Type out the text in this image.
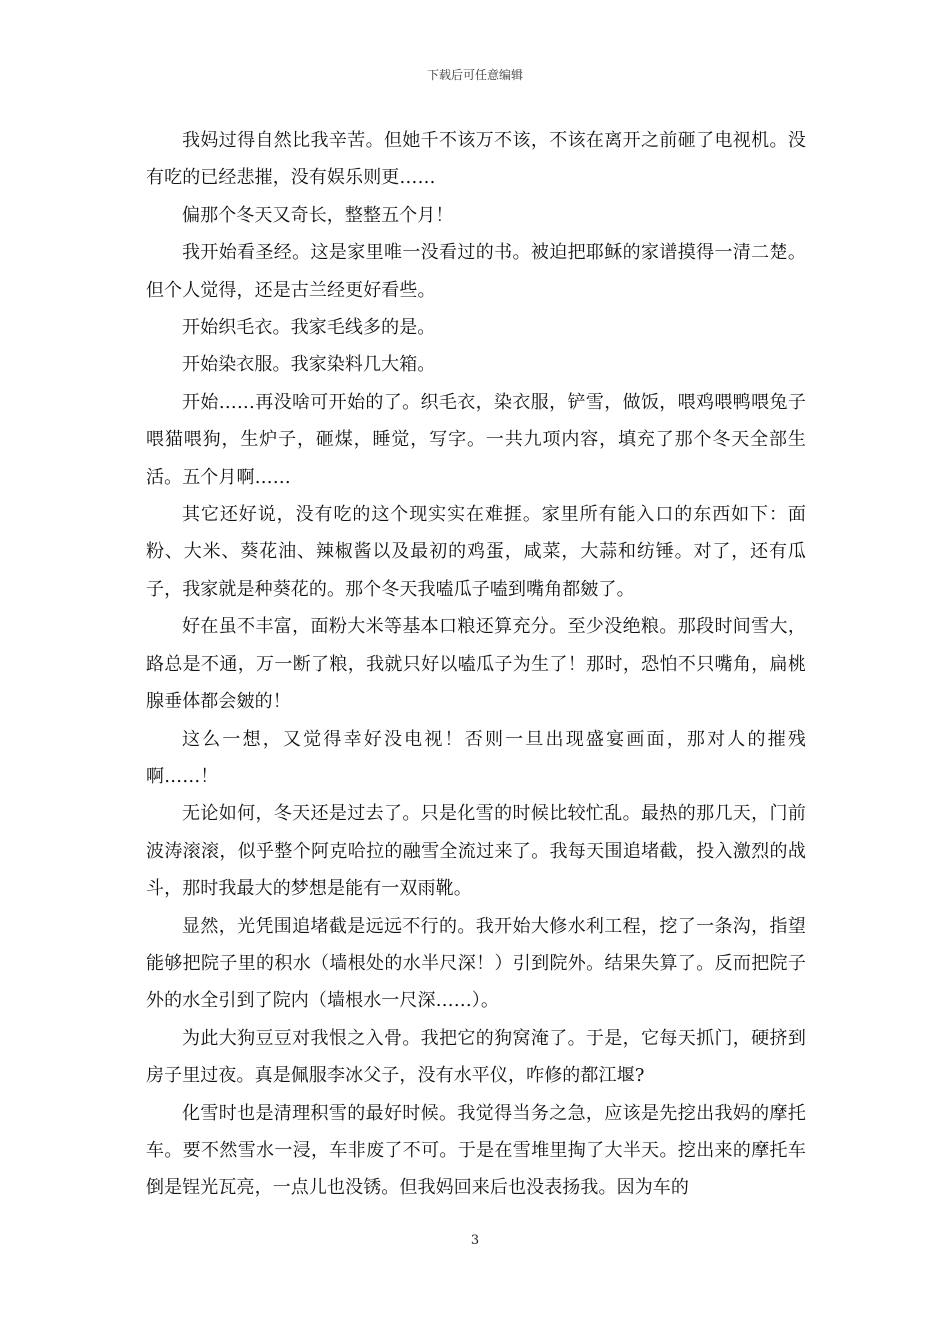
下载后可任意编辑

我妈过得自然比我辛苦。但她千不该万不该，不该在离开之前砸了电视机。没有吃的已经悲摧，没有娱乐则更……

偏那个冬天又奇长，整整五个月！

我开始看圣经。这是家里唯一没看过的书。被迫把耶稣的家谱摸得一清二楚。但个人觉得，还是古兰经更好看些。

开始织毛衣。我家毛线多的是。

开始染衣服。我家染料几大箱。

开始……再没啥可开始的了。织毛衣，染衣服，铲雪，做饭，喂鸡喂鸭喂兔子喂猫喂狗，生炉子，砸煤，睡觉，写字。一共九项内容，填充了那个冬天全部生活。五个月啊……

其它还好说，没有吃的这个现实实在难捱。家里所有能入口的东西如下：面粉、大米、葵花油、辣椒酱以及最初的鸡蛋，咸菜，大蒜和纺锤。对了，还有瓜子，我家就是种葵花的。那个冬天我嗑瓜子嗑到嘴角都皴了。

好在虽不丰富，面粉大米等基本口粮还算充分。至少没绝粮。那段时间雪大，路总是不通，万一断了粮，我就只好以嗑瓜子为生了！那时，恐怕不只嘴角，扁桃腺垂体都会皴的！

这么一想，又觉得幸好没电视！否则一旦出现盛宴画面，那对人的摧残啊……！

无论如何，冬天还是过去了。只是化雪的时候比较忙乱。最热的那几天，门前波涛滚滚，似乎整个阿克哈拉的融雪全流过来了。我每天围追堵截，投入激烈的战斗，那时我最大的梦想是能有一双雨靴。

显然，光凭围追堵截是远远不行的。我开始大修水利工程，挖了一条沟，指望能够把院子里的积水（墙根处的水半尺深！）引到院外。结果失算了。反而把院子外的水全引到了院内（墙根水一尺深……）。

为此大狗豆豆对我恨之入骨。我把它的狗窝淹了。于是，它每天抓门，硬挤到房子里过夜。真是佩服李冰父子，没有水平仪，咋修的都江堰?

化雪时也是清理积雪的最好时候。我觉得当务之急，应该是先挖出我妈的摩托车。要不然雪水一浸，车非废了不可。于是在雪堆里掏了大半天。挖出来的摩托车倒是锃光瓦亮，一点儿也没锈。但我妈回来后也没表扬我。因为车的

3
